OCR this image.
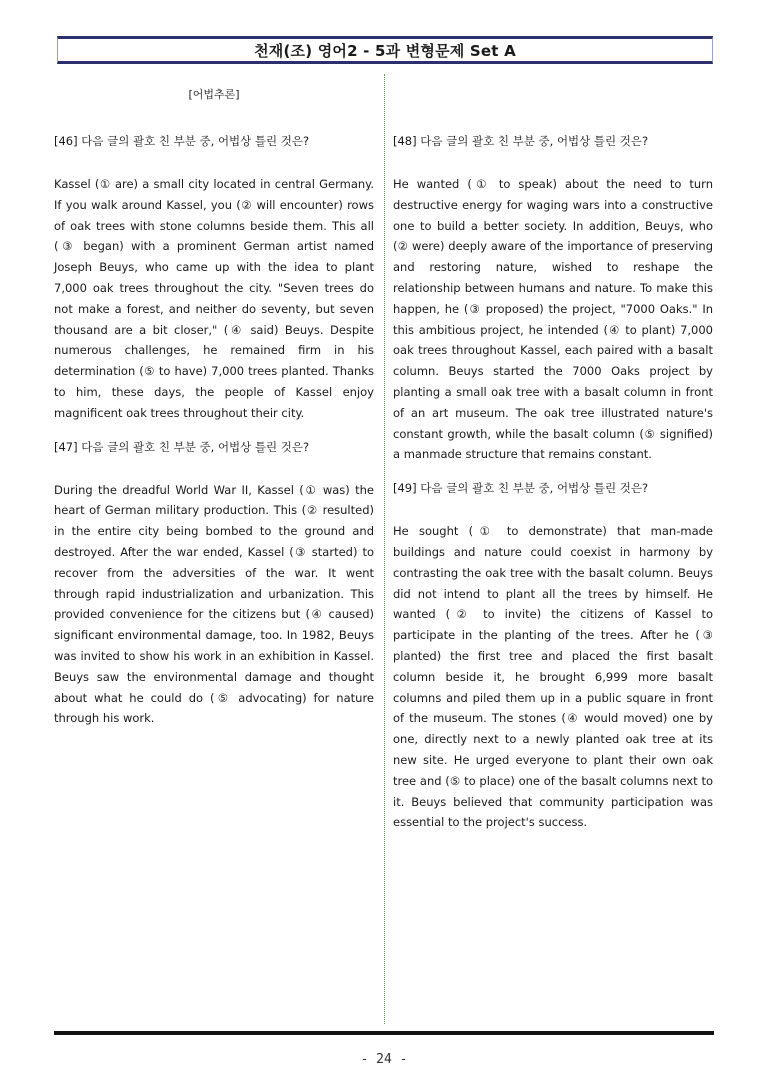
천재(조) 영어2 - 5과 변형문제 Set A
[어법추론]
[46] 다음 글의 괄호 친 부분 중, 어법상 틀린 것은?
Kassel (① are) a small city located in central Germany. If you walk around Kassel, you (② will encounter) rows of oak trees with stone columns beside them. This all (③ began) with a prominent German artist named Joseph Beuys, who came up with the idea to plant 7,000 oak trees throughout the city. "Seven trees do not make a forest, and neither do seventy, but seven thousand are a bit closer," (④ said) Beuys. Despite numerous challenges, he remained firm in his determination (⑤ to have) 7,000 trees planted. Thanks to him, these days, the people of Kassel enjoy magnificent oak trees throughout their city.
[47] 다음 글의 괄호 친 부분 중, 어법상 틀린 것은?
During the dreadful World War II, Kassel (① was) the heart of German military production. This (② resulted) in the entire city being bombed to the ground and destroyed. After the war ended, Kassel (③ started) to recover from the adversities of the war. It went through rapid industrialization and urbanization. This provided convenience for the citizens but (④ caused) significant environmental damage, too. In 1982, Beuys was invited to show his work in an exhibition in Kassel. Beuys saw the environmental damage and thought about what he could do (⑤ advocating) for nature through his work.
[48] 다음 글의 괄호 친 부분 중, 어법상 틀린 것은?
He wanted (① to speak) about the need to turn destructive energy for waging wars into a constructive one to build a better society. In addition, Beuys, who (② were) deeply aware of the importance of preserving and restoring nature, wished to reshape the relationship between humans and nature. To make this happen, he (③ proposed) the project, "7000 Oaks." In this ambitious project, he intended (④ to plant) 7,000 oak trees throughout Kassel, each paired with a basalt column. Beuys started the 7000 Oaks project by planting a small oak tree with a basalt column in front of an art museum. The oak tree illustrated nature's constant growth, while the basalt column (⑤ signified) a manmade structure that remains constant.
[49] 다음 글의 괄호 친 부분 중, 어법상 틀린 것은?
He sought (① to demonstrate) that man-made buildings and nature could coexist in harmony by contrasting the oak tree with the basalt column. Beuys did not intend to plant all the trees by himself. He wanted (② to invite) the citizens of Kassel to participate in the planting of the trees. After he (③ planted) the first tree and placed the first basalt column beside it, he brought 6,999 more basalt columns and piled them up in a public square in front of the museum. The stones (④ would moved) one by one, directly next to a newly planted oak tree at its new site. He urged everyone to plant their own oak tree and (⑤ to place) one of the basalt columns next to it. Beuys believed that community participation was essential to the project's success.
- 24 -
